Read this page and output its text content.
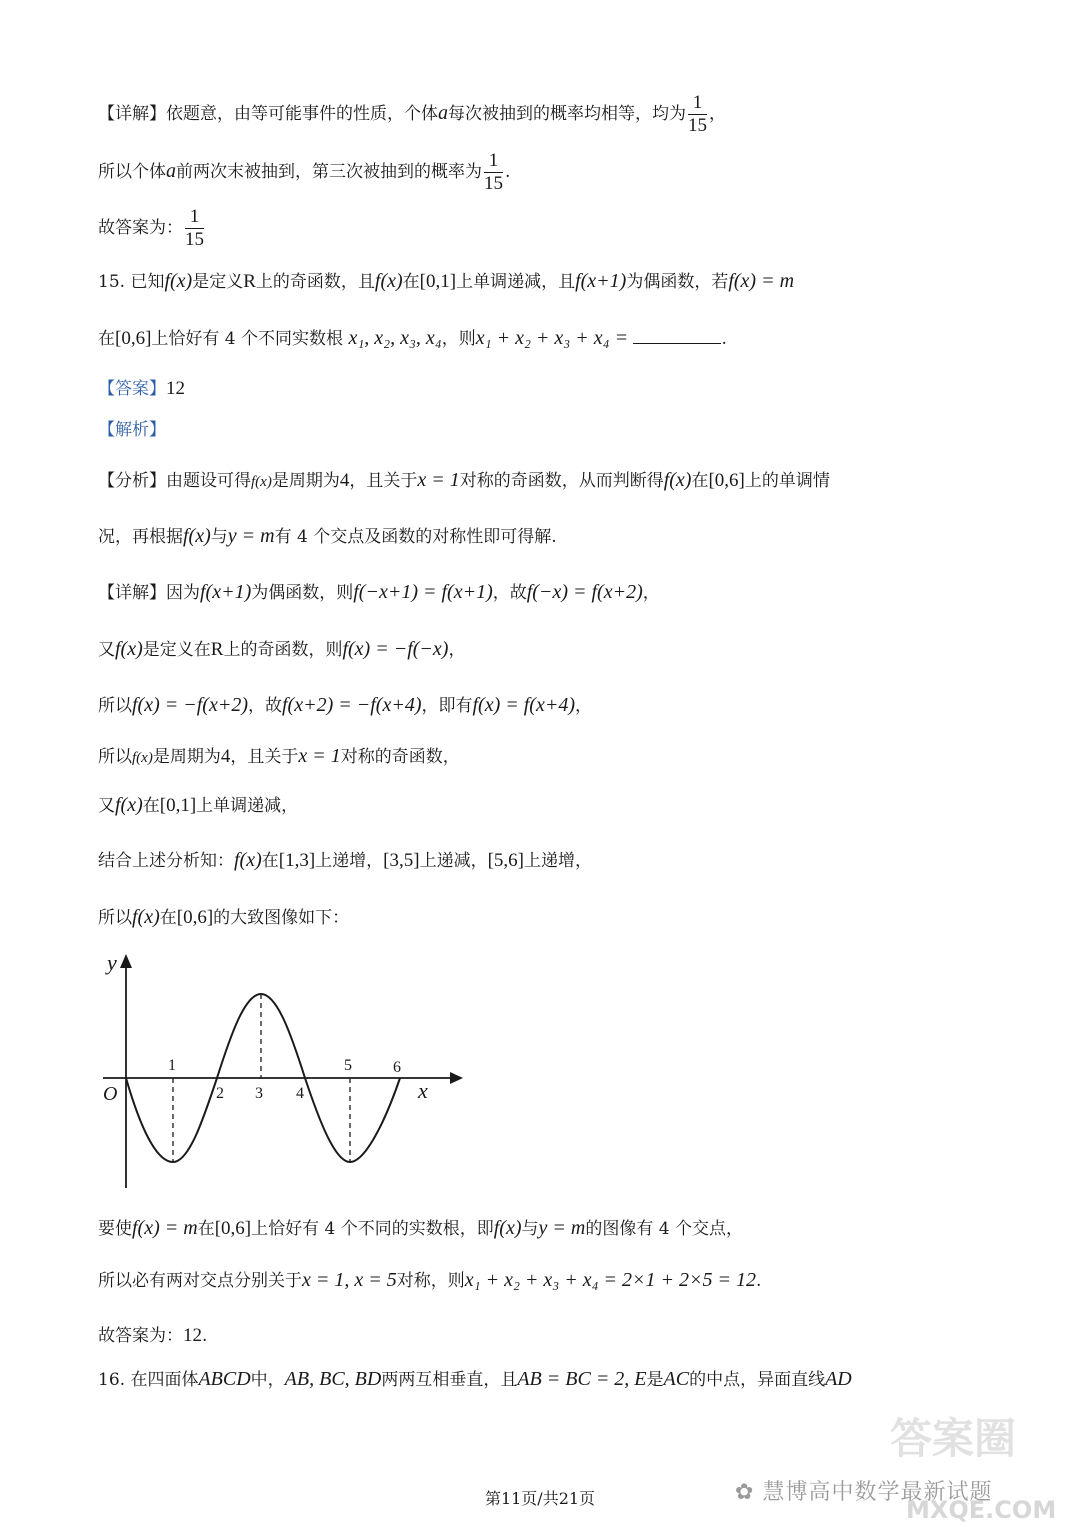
【详解】依题意，由等可能事件的性质，个体a每次被抽到的概率均相等，均为 $\frac{1}{15}$ ，
所以个体a前两次末被抽到，第三次被抽到的概率为 $\frac{1}{15}$ .
故答案为： $\frac{1}{15}$
15. 已知f(x)是定义R上的奇函数，且f(x)在[0,1]上单调递减，且f(x+1)为偶函数，若f(x) = m
在[0,6]上恰好有 4 个不同实数根 x₁, x₂, x₃, x₄，则x₁ + x₂ + x₃ + x₄ =	.
【答案】12
【解析】
【分析】由题设可得f(x)是周期为4，且关于x = 1对称的奇函数，从而判断得f(x)在[0,6]上的单调情
况，再根据f(x)与y = m有 4 个交点及函数的对称性即可得解.
【详解】因为f(x+1)为偶函数，则f(−x+1) = f(x+1)，故f(−x) = f(x+2)，
又f(x)是定义在R上的奇函数，则f(x) = −f(−x)，
所以f(x) = −f(x+2)，故f(x+2) = −f(x+4)，即有f(x) = f(x+4)，
所以f(x)是周期为4，且关于x = 1对称的奇函数，
又f(x)在[0,1]上单调递减，
结合上述分析知：f(x)在[1,3]上递增，[3,5]上递减，[5,6]上递增，
所以f(x)在[0,6]的大致图像如下：
y
x
O
1
2 3 4
5	6
要使f(x) = m在[0,6]上恰好有 4 个不同的实数根，即f(x)与y = m的图像有 4 个交点，
所以必有两对交点分别关于x = 1, x = 5对称，则x₁ + x₂ + x₃ + x₄ = 2×1 + 2×5 = 12.
故答案为：12.
16. 在四面体ABCD中，AB, BC, BD两两互相垂直，且AB = BC = 2, E是AC的中点，异面直线AD
答案圈
✿ 慧博高中数学最新试题
MXQE.COM
第11页/共21页
